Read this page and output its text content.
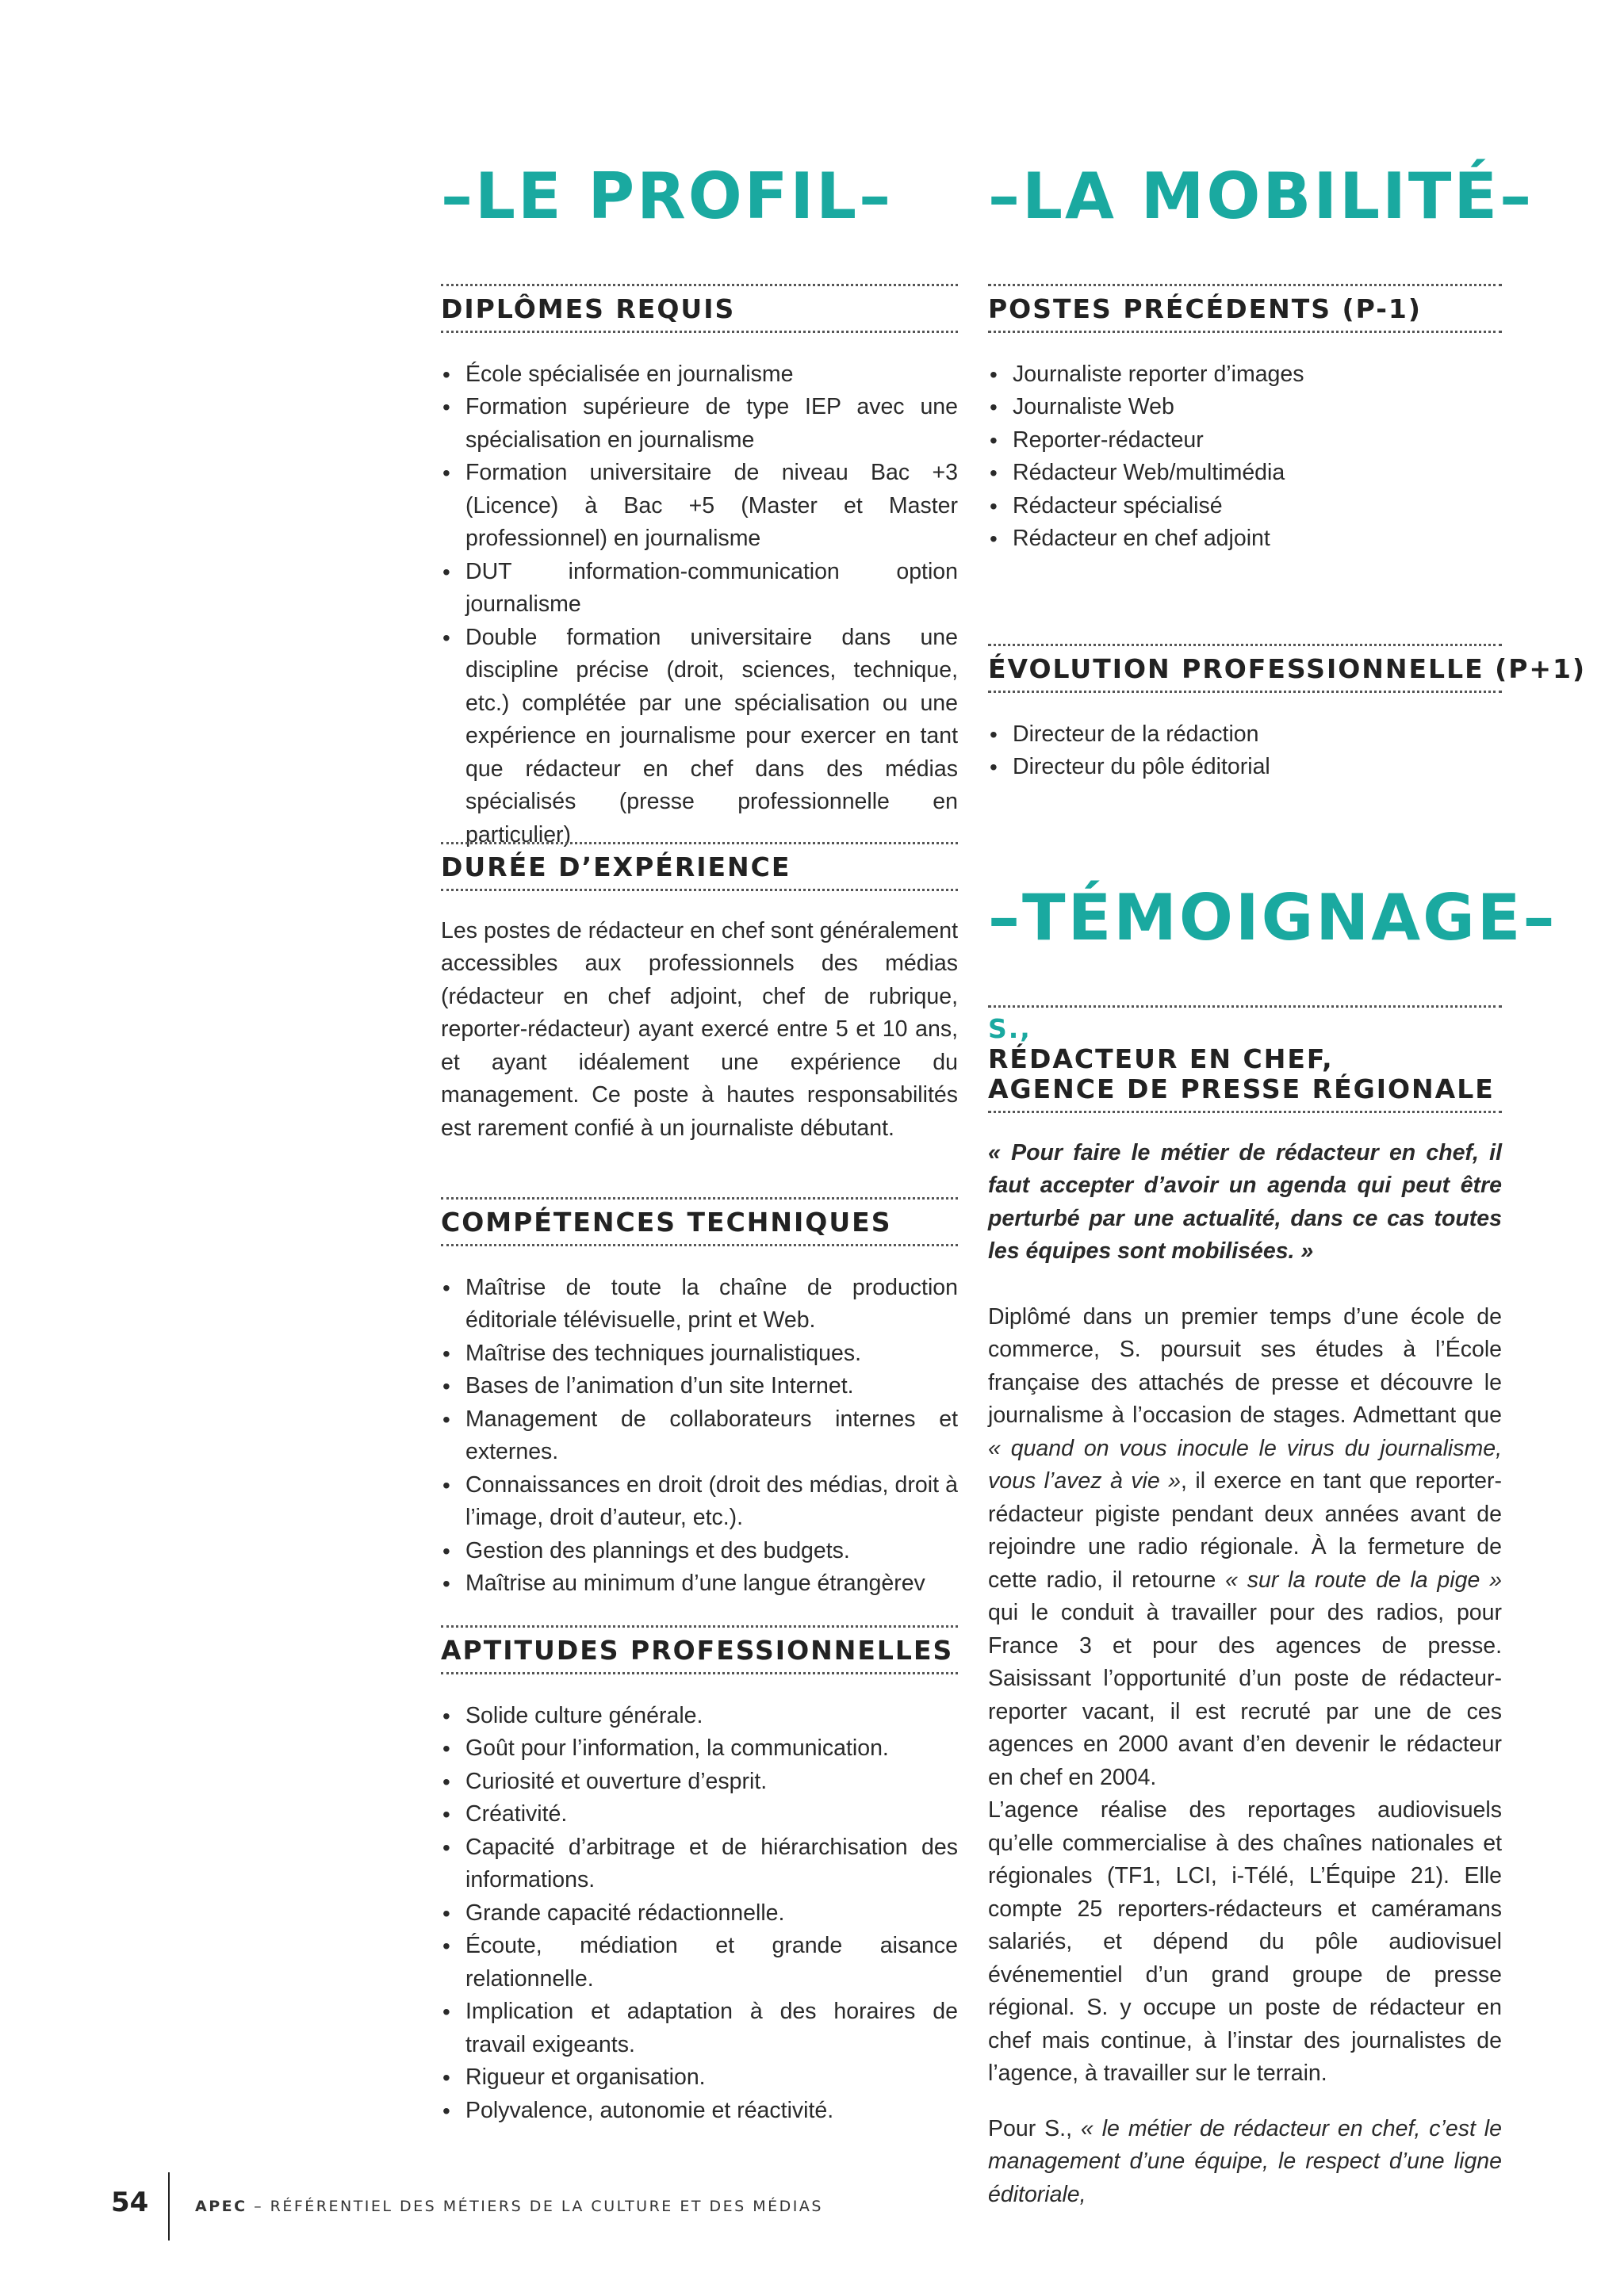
–LE PROFIL–
DIPLÔMES REQUIS
• École spécialisée en journalisme
• Formation supérieure de type IEP avec une spécialisation en journalisme
• Formation universitaire de niveau Bac +3 (Licence) à Bac +5 (Master et Master professionnel) en journalisme
• DUT information-communication option journalisme
• Double formation universitaire dans une discipline précise (droit, sciences, technique, etc.) complétée par une spécialisation ou une expérience en journalisme pour exercer en tant que rédacteur en chef dans des médias spécialisés (presse professionnelle en particulier)
DURÉE D’EXPÉRIENCE

Les postes de rédacteur en chef sont généralement accessibles aux professionnels des médias (rédacteur en chef adjoint, chef de rubrique, reporter-rédacteur) ayant exercé entre 5 et 10 ans, et ayant idéalement une expérience du management. Ce poste à hautes responsabilités est rarement confié à un journaliste débutant.

COMPÉTENCES TECHNIQUES
• Maîtrise de toute la chaîne de production éditoriale télévisuelle, print et Web.
• Maîtrise des techniques journalistiques.
• Bases de l’animation d’un site Internet.
• Management de collaborateurs internes et externes.
• Connaissances en droit (droit des médias, droit à l’image, droit d’auteur, etc.).
• Gestion des plannings et des budgets.
• Maîtrise au minimum d’une langue étrangèrev
APTITUDES PROFESSIONNELLES
• Solide culture générale.
• Goût pour l’information, la communication.
• Curiosité et ouverture d’esprit.
• Créativité.
• Capacité d’arbitrage et de hiérarchisation des informations.
• Grande capacité rédactionnelle.
• Écoute, médiation et grande aisance relationnelle.
• Implication et adaptation à des horaires de travail exigeants.
• Rigueur et organisation.
• Polyvalence, autonomie et réactivité.
–LA MOBILITÉ–
POSTES PRÉCÉDENTS (P-1)
• Journaliste reporter d’images
• Journaliste Web
• Reporter-rédacteur
• Rédacteur Web/multimédia
• Rédacteur spécialisé
• Rédacteur en chef adjoint
ÉVOLUTION PROFESSIONNELLE (P+1)
• Directeur de la rédaction
• Directeur du pôle éditorial
–TÉMOIGNAGE–
S.,
RÉDACTEUR EN CHEF,
AGENCE DE PRESSE RÉGIONALE

« Pour faire le métier de rédacteur en chef, il faut accepter d’avoir un agenda qui peut être perturbé par une actualité, dans ce cas toutes les équipes sont mobilisées. »

Diplômé dans un premier temps d’une école de commerce, S. poursuit ses études à l’École française des attachés de presse et découvre le journalisme à l’occasion de stages. Admettant que « quand on vous inocule le virus du journalisme, vous l’avez à vie », il exerce en tant que reporter-rédacteur pigiste pendant deux années avant de rejoindre une radio régionale. À la fermeture de cette radio, il retourne « sur la route de la pige » qui le conduit à travailler pour des radios, pour France 3 et pour des agences de presse. Saisissant l’opportunité d’un poste de rédacteur-reporter vacant, il est recruté par une de ces agences en 2000 avant d’en devenir le rédacteur en chef en 2004.

L’agence réalise des reportages audiovisuels qu’elle commercialise à des chaînes nationales et régionales (TF1, LCI, i-Télé, L’Équipe 21). Elle compte 25 reporters-rédacteurs et caméramans salariés, et dépend du pôle audiovisuel événementiel d’un grand groupe de presse régional. S. y occupe un poste de rédacteur en chef mais continue, à l’instar des journalistes de l’agence, à travailler sur le terrain.

Pour S., « le métier de rédacteur en chef, c’est le management d’une équipe, le respect d’une ligne éditoriale,

54	APEC – RÉFÉRENTIEL DES MÉTIERS DE LA CULTURE ET DES MÉDIAS
